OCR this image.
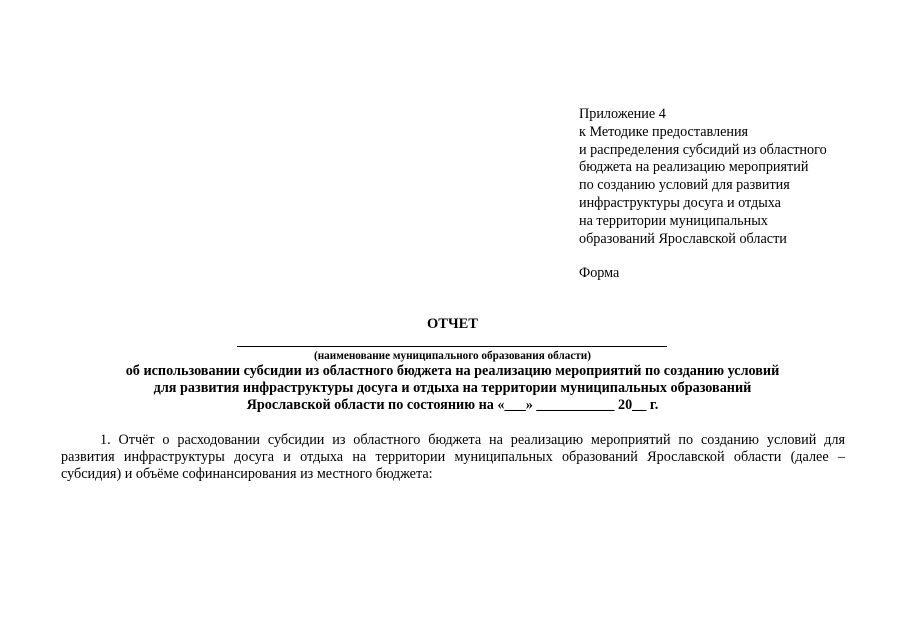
Приложение 4
к Методике предоставления
и распределения субсидий из областного
бюджета на реализацию мероприятий
по созданию условий для развития
инфраструктуры досуга и отдыха
на территории муниципальных
образований Ярославской области
Форма
ОТЧЕТ
(наименование муниципального образования области)
об использовании субсидии из областного бюджета на реализацию мероприятий по созданию условий
для развития инфраструктуры досуга и отдыха на территории муниципальных образований
Ярославской области по состоянию на «___» ___________ 20__ г.
1. Отчёт о расходовании субсидии из областного бюджета на реализацию мероприятий по созданию условий для
развития инфраструктуры досуга и отдыха на территории муниципальных образований Ярославской области (далее –
субсидия) и объёме софинансирования из местного бюджета:
